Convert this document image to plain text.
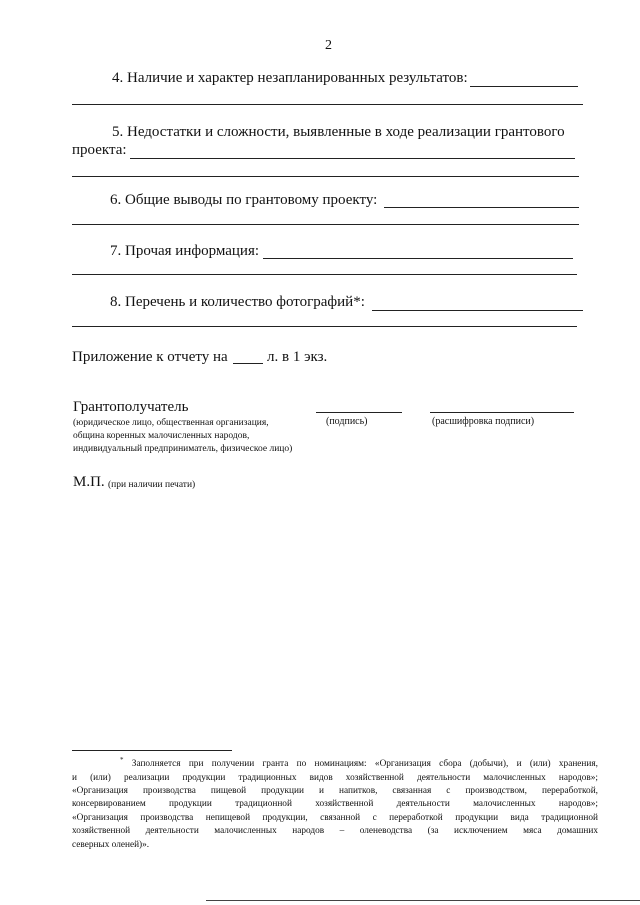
2
4. Наличие и характер незапланированных результатов:
5. Недостатки и сложности, выявленные в ходе реализации грантового
проекта:
6. Общие выводы по грантовому проекту:
7. Прочая информация:
8. Перечень и количество фотографий*:
Приложение к отчету на	л. в 1 экз.
Грантополучатель
(юридическое лицо, общественная организация,
община коренных малочисленных народов,
индивидуальный предприниматель, физическое лицо)
(подпись)	(расшифровка подписи)
М.П. (при наличии печати)
* Заполняется при получении гранта по номинациям: «Организация сбора (добычи), и (или) хранения,
и (или) реализации продукции традиционных видов хозяйственной деятельности малочисленных народов»;
«Организация производства пищевой продукции и напитков, связанная с производством, переработкой,
консервированием продукции традиционной хозяйственной деятельности малочисленных народов»;
«Организация производства непищевой продукции, связанной с переработкой продукции вида традиционной
хозяйственной деятельности малочисленных народов – оленеводства (за исключением мяса домашних
северных оленей)».
